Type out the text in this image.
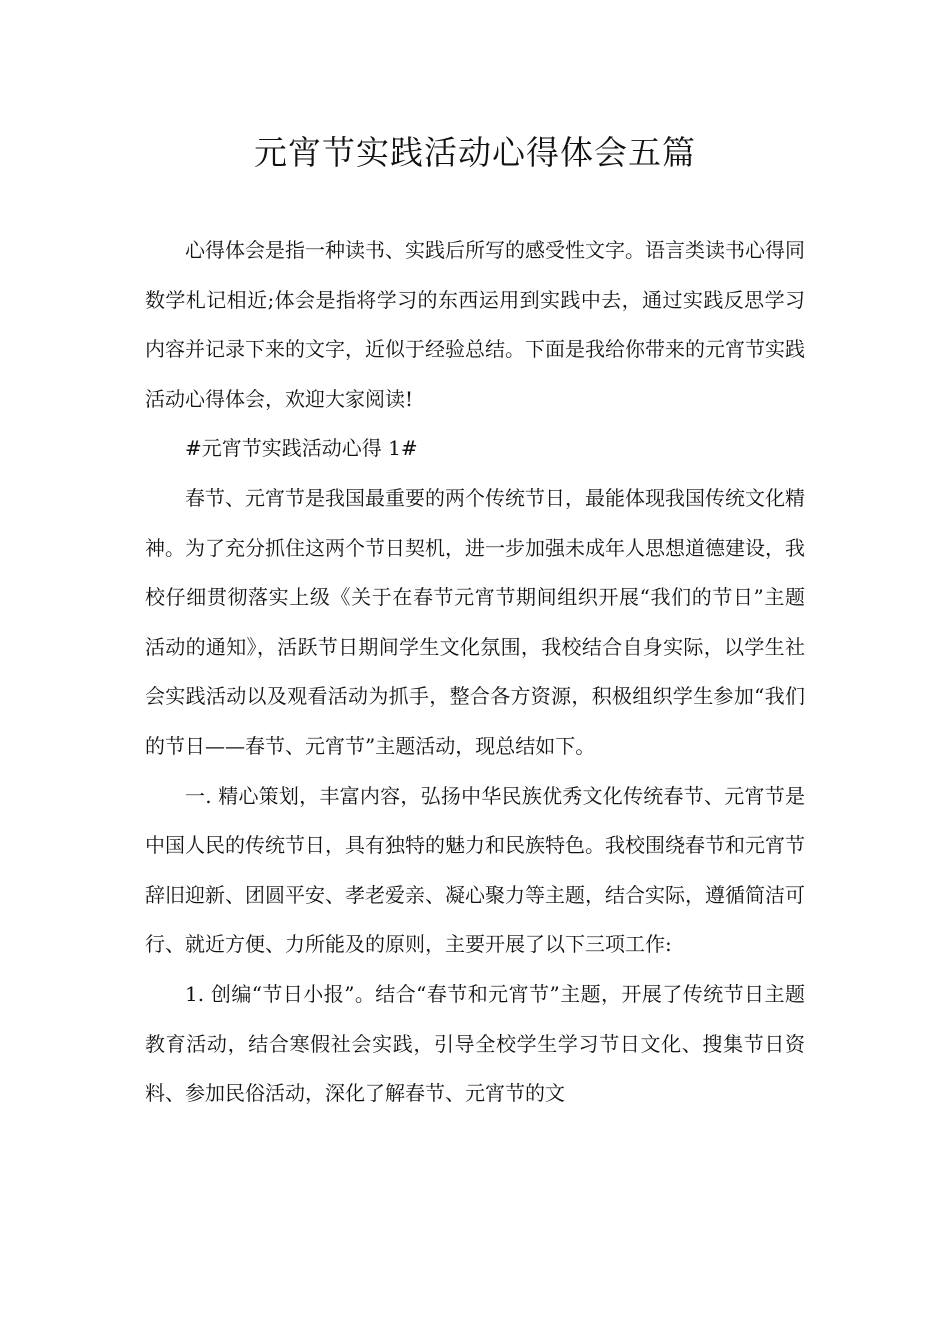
元宵节实践活动心得体会五篇

心得体会是指一种读书、实践后所写的感受性文字。语言类读书心得同数学札记相近;体会是指将学习的东西运用到实践中去，通过实践反思学习内容并记录下来的文字，近似于经验总结。下面是我给你带来的元宵节实践活动心得体会，欢迎大家阅读!

#元宵节实践活动心得 1#

春节、元宵节是我国最重要的两个传统节日，最能体现我国传统文化精神。为了充分抓住这两个节日契机，进一步加强未成年人思想道德建设，我校仔细贯彻落实上级《关于在春节元宵节期间组织开展“我们的节日”主题活动的通知》，活跃节日期间学生文化氛围，我校结合自身实际，以学生社会实践活动以及观看活动为抓手，整合各方资源，积极组织学生参加“我们的节日——春节、元宵节”主题活动，现总结如下。

一. 精心策划，丰富内容，弘扬中华民族优秀文化传统春节、元宵节是中国人民的传统节日，具有独特的魅力和民族特色。我校围绕春节和元宵节辞旧迎新、团圆平安、孝老爱亲、凝心聚力等主题，结合实际，遵循简洁可行、就近方便、力所能及的原则，主要开展了以下三项工作:

1. 创编“节日小报”。结合“春节和元宵节”主题，开展了传统节日主题教育活动，结合寒假社会实践，引导全校学生学习节日文化、搜集节日资料、参加民俗活动，深化了解春节、元宵节的文
